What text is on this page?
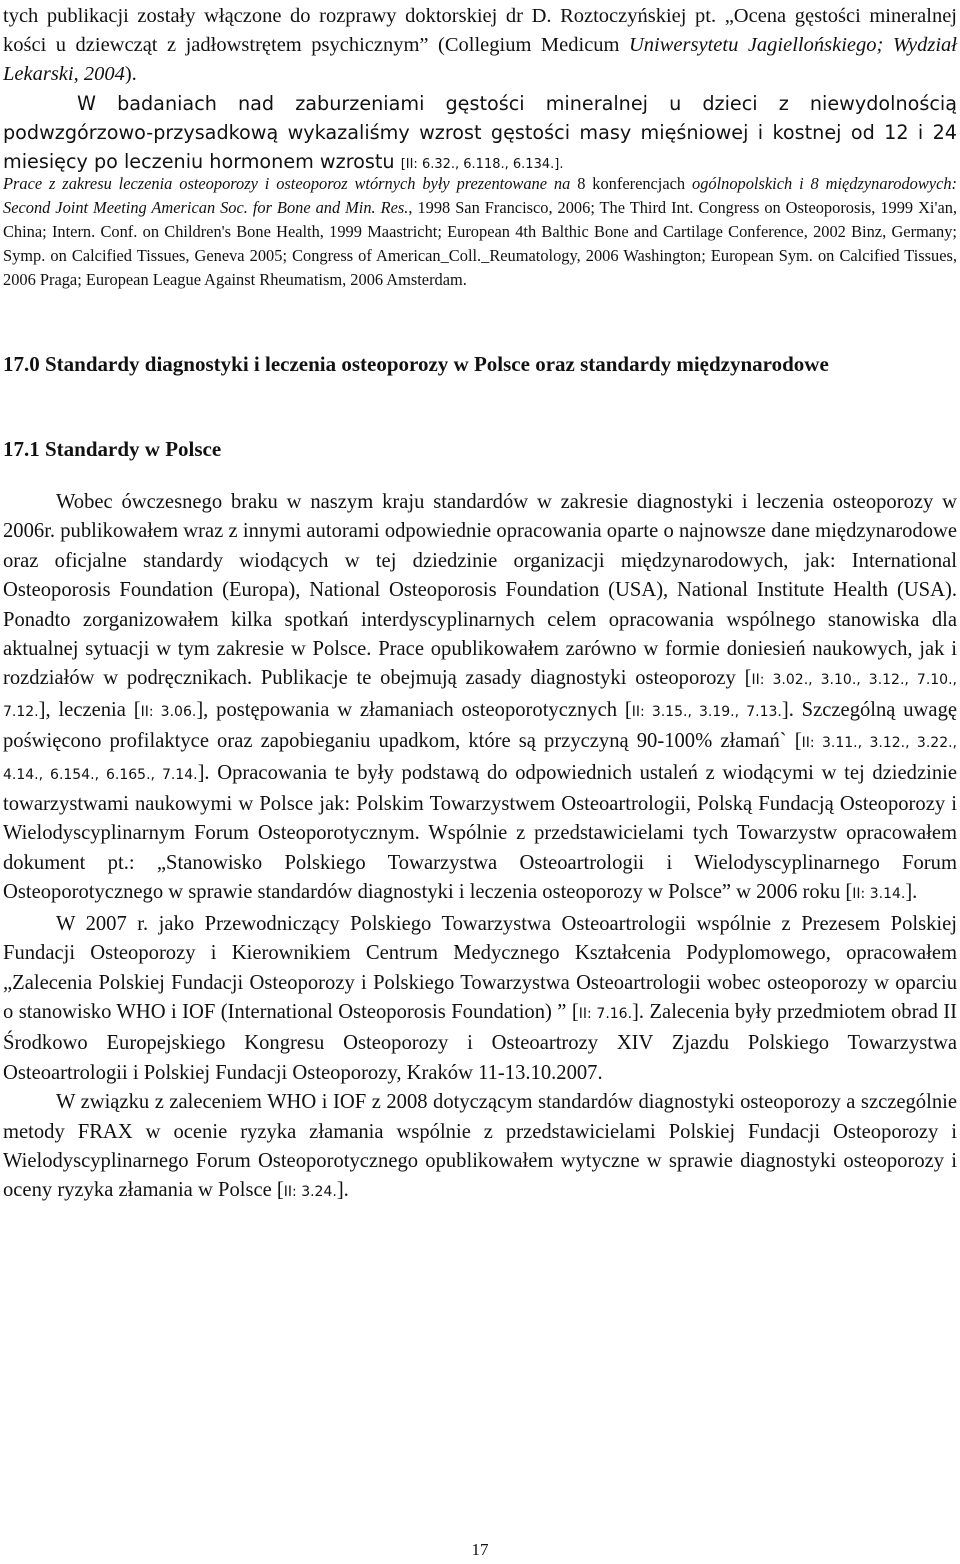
tych publikacji zostały włączone do rozprawy doktorskiej dr D. Roztoczyńskiej pt. „Ocena gęstości mineralnej kości u dziewcząt z jadłowstrętem psychicznym” (Collegium Medicum Uniwersytetu Jagiellońskiego; Wydział Lekarski, 2004).

W badaniach nad zaburzeniami gęstości mineralnej u dzieci z niewydolnością podwzgórzowo-przysadkową wykazaliśmy wzrost gęstości masy mięśniowej i kostnej od 12 i 24 miesięcy po leczeniu hormonem wzrostu [II: 6.32., 6.118., 6.134.].

Prace z zakresu leczenia osteoporozy i osteoporoz wtórnych były prezentowane na 8 konferencjach ogólnopolskich i 8 międzynarodowych: Second Joint Meeting American Soc. for Bone and Min. Res., 1998 San Francisco, 2006; The Third Int. Congress on Osteoporosis, 1999 Xi'an, China; Intern. Conf. on Children's Bone Health, 1999 Maastricht; European 4th Balthic Bone and Cartilage Conference, 2002 Binz, Germany; Symp. on Calcified Tissues, Geneva 2005; Congress of American_Coll._Reumatology, 2006 Washington; European Sym. on Calcified Tissues, 2006 Praga; European League Against Rheumatism, 2006 Amsterdam.

17.0 Standardy diagnostyki i leczenia osteoporozy w Polsce oraz standardy międzynarodowe

17.1 Standardy w Polsce

Wobec ówczesnego braku w naszym kraju standardów w zakresie diagnostyki i leczenia osteoporozy w 2006r. publikowałem wraz z innymi autorami odpowiednie opracowania oparte o najnowsze dane międzynarodowe oraz oficjalne standardy wiodących w tej dziedzinie organizacji międzynarodowych, jak: International Osteoporosis Foundation (Europa), National Osteoporosis Foundation (USA), National Institute Health (USA). Ponadto zorganizowałem kilka spotkań interdyscyplinarnych celem opracowania wspólnego stanowiska dla aktualnej sytuacji w tym zakresie w Polsce. Prace opublikowałem zarówno w formie doniesień naukowych, jak i rozdziałów w podręcznikach. Publikacje te obejmują zasady diagnostyki osteoporozy [II: 3.02., 3.10., 3.12., 7.10., 7.12.], leczenia [II: 3.06.], postępowania w złamaniach osteoporotycznych [II: 3.15., 3.19., 7.13.]. Szczególną uwagę poświęcono profilaktyce oraz zapobieganiu upadkom, które są przyczyną 90-100% złamań` [II: 3.11., 3.12., 3.22., 4.14., 6.154., 6.165., 7.14.]. Opracowania te były podstawą do odpowiednich ustaleń z wiodącymi w tej dziedzinie towarzystwami naukowymi w Polsce jak: Polskim Towarzystwem Osteoartrologii, Polską Fundacją Osteoporozy i Wielodyscyplinarnym Forum Osteoporotycznym. Wspólnie z przedstawicielami tych Towarzystw opracowałem dokument pt.: „Stanowisko Polskiego Towarzystwa Osteoartrologii i Wielodyscyplinarnego Forum Osteoporotycznego w sprawie standardów diagnostyki i leczenia osteoporozy w Polsce” w 2006 roku [II: 3.14.].

W 2007 r. jako Przewodniczący Polskiego Towarzystwa Osteoartrologii wspólnie z Prezesem Polskiej Fundacji Osteoporozy i Kierownikiem Centrum Medycznego Kształcenia Podyplomowego, opracowałem „Zalecenia Polskiej Fundacji Osteoporozy i Polskiego Towarzystwa Osteoartrologii wobec osteoporozy w oparciu o stanowisko WHO i IOF (International Osteoporosis Foundation) ” [II: 7.16.]. Zalecenia były przedmiotem obrad II Środkowo Europejskiego Kongresu Osteoporozy i Osteoartrozy XIV Zjazdu Polskiego Towarzystwa Osteoartrologii i Polskiej Fundacji Osteoporozy, Kraków 11-13.10.2007.

W związku z zaleceniem WHO i IOF z 2008 dotyczącym standardów diagnostyki osteoporozy a szczególnie metody FRAX w ocenie ryzyka złamania wspólnie z przedstawicielami Polskiej Fundacji Osteoporozy i Wielodyscyplinarnego Forum Osteoporotycznego opublikowałem wytyczne w sprawie diagnostyki osteoporozy i oceny ryzyka złamania w Polsce [II: 3.24.].

17
